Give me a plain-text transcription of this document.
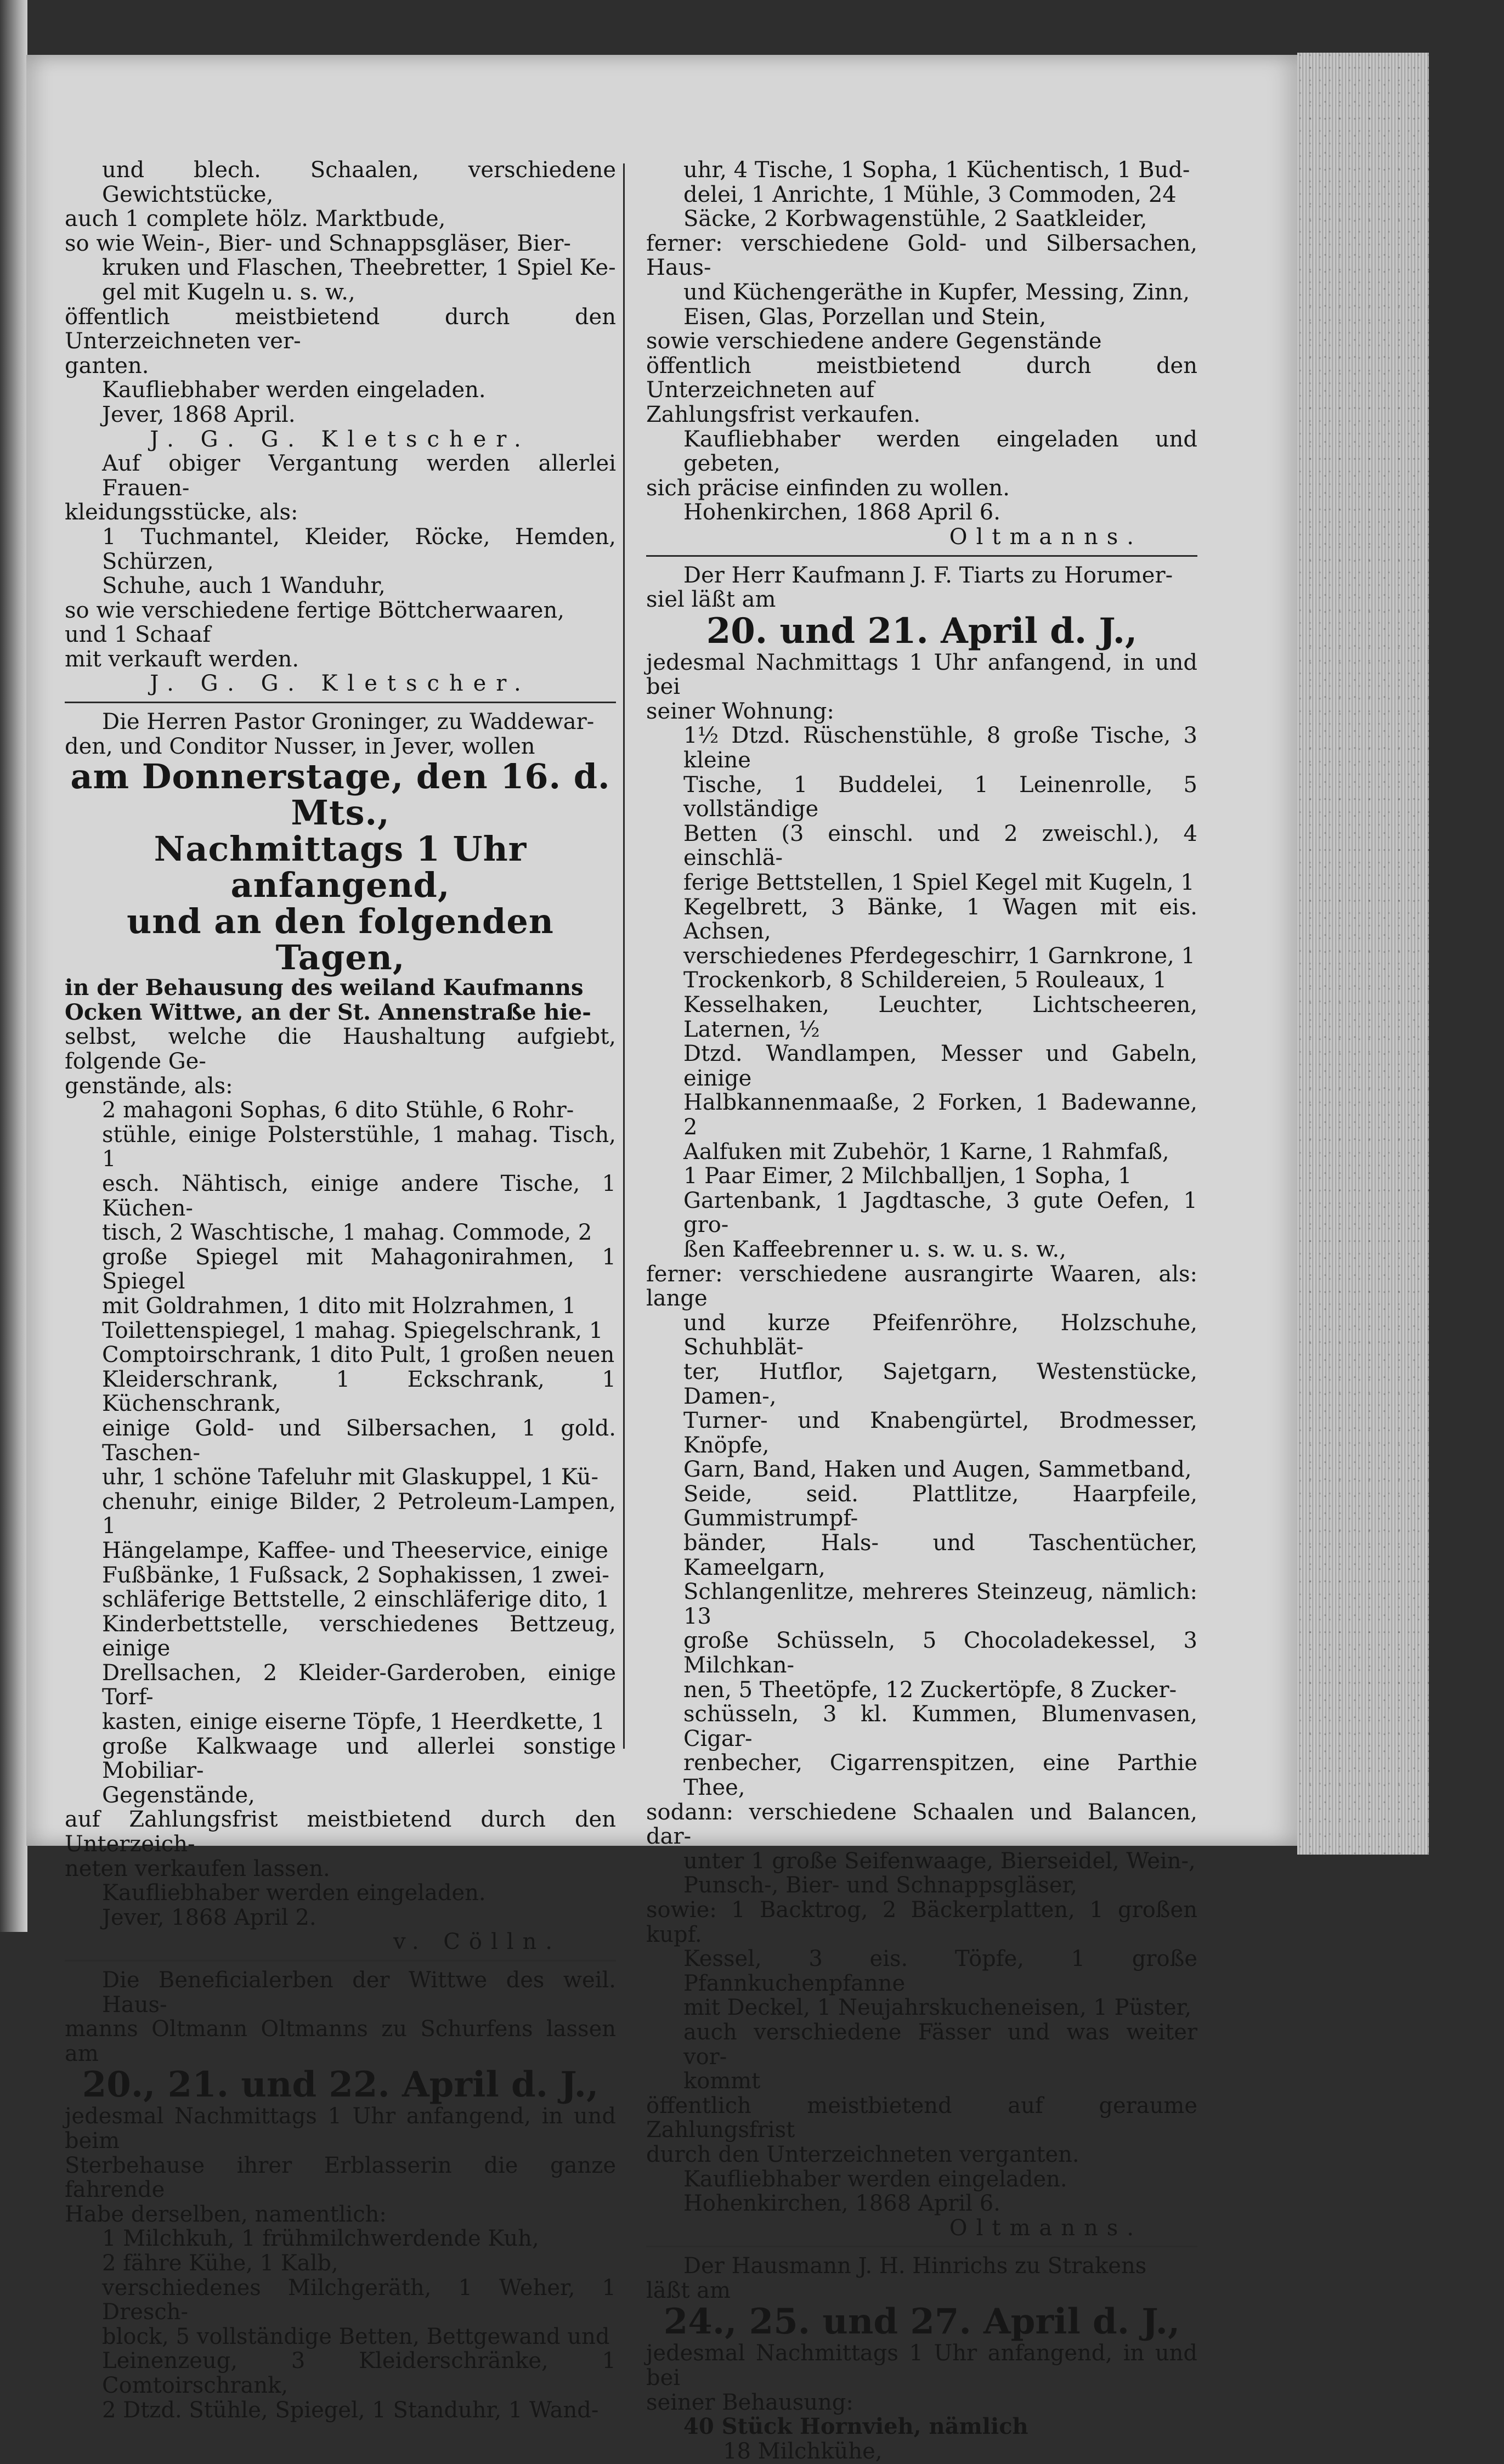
und blech. Schaalen, verschiedene Gewichtstücke,

auch 1 complete hölz. Marktbude,

so wie Wein-, Bier- und Schnappsgläser, Bier-

kruken und Flaschen, Theebretter, 1 Spiel Ke-

gel mit Kugeln u. s. w.,

öffentlich meistbietend durch den Unterzeichneten ver-

ganten.

Kaufliebhaber werden eingeladen.

Jever, 1868 April.

J. G. G. Kletscher.

Auf obiger Vergantung werden allerlei Frauen-

kleidungsstücke, als:

1 Tuchmantel, Kleider, Röcke, Hemden, Schürzen,

Schuhe, auch 1 Wanduhr,

so wie verschiedene fertige Böttcherwaaren,

und 1 Schaaf

mit verkauft werden.

J. G. G. Kletscher.

Die Herren Pastor Groninger, zu Waddewar-

den, und Conditor Nusser, in Jever, wollen

am Donnerstage, den 16. d. Mts.,

Nachmittags 1 Uhr anfangend,

und an den folgenden Tagen,

in der Behausung des weiland Kaufmanns

Ocken Wittwe, an der St. Annenstraße hie-

selbst, welche die Haushaltung aufgiebt, folgende Ge-

genstände, als:

2 mahagoni Sophas, 6 dito Stühle, 6 Rohr-

stühle, einige Polsterstühle, 1 mahag. Tisch, 1

esch. Nähtisch, einige andere Tische, 1 Küchen-

tisch, 2 Waschtische, 1 mahag. Commode, 2

große Spiegel mit Mahagonirahmen, 1 Spiegel

mit Goldrahmen, 1 dito mit Holzrahmen, 1

Toilettenspiegel, 1 mahag. Spiegelschrank, 1

Comptoirschrank, 1 dito Pult, 1 großen neuen

Kleiderschrank, 1 Eckschrank, 1 Küchenschrank,

einige Gold- und Silbersachen, 1 gold. Taschen-

uhr, 1 schöne Tafeluhr mit Glaskuppel, 1 Kü-

chenuhr, einige Bilder, 2 Petroleum-Lampen, 1

Hängelampe, Kaffee- und Theeservice, einige

Fußbänke, 1 Fußsack, 2 Sophakissen, 1 zwei-

schläferige Bettstelle, 2 einschläferige dito, 1

Kinderbettstelle, verschiedenes Bettzeug, einige

Drellsachen, 2 Kleider-Garderoben, einige Torf-

kasten, einige eiserne Töpfe, 1 Heerdkette, 1

große Kalkwaage und allerlei sonstige Mobiliar-

Gegenstände,

auf Zahlungsfrist meistbietend durch den Unterzeich-

neten verkaufen lassen.

Kaufliebhaber werden eingeladen.

Jever, 1868 April 2.

v. Cölln.

Die Beneficialerben der Wittwe des weil. Haus-

manns Oltmann Oltmanns zu Schurfens lassen am

20., 21. und 22. April d. J.,

jedesmal Nachmittags 1 Uhr anfangend, in und beim

Sterbehause ihrer Erblasserin die ganze fahrende

Habe derselben, namentlich:

1 Milchkuh, 1 frühmilchwerdende Kuh,

2 fähre Kühe, 1 Kalb,

verschiedenes Milchgeräth, 1 Weher, 1 Dresch-

block, 5 vollständige Betten, Bettgewand und

Leinenzeug, 3 Kleiderschränke, 1 Comtoirschrank,

2 Dtzd. Stühle, Spiegel, 1 Standuhr, 1 Wand-

uhr, 4 Tische, 1 Sopha, 1 Küchentisch, 1 Bud-

delei, 1 Anrichte, 1 Mühle, 3 Commoden, 24

Säcke, 2 Korbwagenstühle, 2 Saatkleider,

ferner: verschiedene Gold- und Silbersachen, Haus-

und Küchengeräthe in Kupfer, Messing, Zinn,

Eisen, Glas, Porzellan und Stein,

sowie verschiedene andere Gegenstände

öffentlich meistbietend durch den Unterzeichneten auf

Zahlungsfrist verkaufen.

Kaufliebhaber werden eingeladen und gebeten,

sich präcise einfinden zu wollen.

Hohenkirchen, 1868 April 6.

Oltmanns.

Der Herr Kaufmann J. F. Tiarts zu Horumer-

siel läßt am

20. und 21. April d. J.,

jedesmal Nachmittags 1 Uhr anfangend, in und bei

seiner Wohnung:

1½ Dtzd. Rüschenstühle, 8 große Tische, 3 kleine

Tische, 1 Buddelei, 1 Leinenrolle, 5 vollständige

Betten (3 einschl. und 2 zweischl.), 4 einschlä-

ferige Bettstellen, 1 Spiel Kegel mit Kugeln, 1

Kegelbrett, 3 Bänke, 1 Wagen mit eis. Achsen,

verschiedenes Pferdegeschirr, 1 Garnkrone, 1

Trockenkorb, 8 Schildereien, 5 Rouleaux, 1

Kesselhaken, Leuchter, Lichtscheeren, Laternen, ½

Dtzd. Wandlampen, Messer und Gabeln, einige

Halbkannenmaaße, 2 Forken, 1 Badewanne, 2

Aalfuken mit Zubehör, 1 Karne, 1 Rahmfaß,

1 Paar Eimer, 2 Milchballjen, 1 Sopha, 1

Gartenbank, 1 Jagdtasche, 3 gute Oefen, 1 gro-

ßen Kaffeebrenner u. s. w. u. s. w.,

ferner: verschiedene ausrangirte Waaren, als: lange

und kurze Pfeifenröhre, Holzschuhe, Schuhblät-

ter, Hutflor, Sajetgarn, Westenstücke, Damen-,

Turner- und Knabengürtel, Brodmesser, Knöpfe,

Garn, Band, Haken und Augen, Sammetband,

Seide, seid. Plattlitze, Haarpfeile, Gummistrumpf-

bänder, Hals- und Taschentücher, Kameelgarn,

Schlangenlitze, mehreres Steinzeug, nämlich: 13

große Schüsseln, 5 Chocoladekessel, 3 Milchkan-

nen, 5 Theetöpfe, 12 Zuckertöpfe, 8 Zucker-

schüsseln, 3 kl. Kummen, Blumenvasen, Cigar-

renbecher, Cigarrenspitzen, eine Parthie Thee,

sodann: verschiedene Schaalen und Balancen, dar-

unter 1 große Seifenwaage, Bierseidel, Wein-,

Punsch-, Bier- und Schnappsgläser,

sowie: 1 Backtrog, 2 Bäckerplatten, 1 großen kupf.

Kessel, 3 eis. Töpfe, 1 große Pfannkuchenpfanne

mit Deckel, 1 Neujahrskucheneisen, 1 Püster,

auch verschiedene Fässer und was weiter vor-

kommt

öffentlich meistbietend auf geraume Zahlungsfrist

durch den Unterzeichneten verganten.

Kaufliebhaber werden eingeladen.

Hohenkirchen, 1868 April 6.

Oltmanns.

Der Hausmann J. H. Hinrichs zu Strakens

läßt am

24., 25. und 27. April d. J.,

jedesmal Nachmittags 1 Uhr anfangend, in und bei

seiner Behausung:

40 Stück Hornvieh, nämlich

18 Milchkühe,
